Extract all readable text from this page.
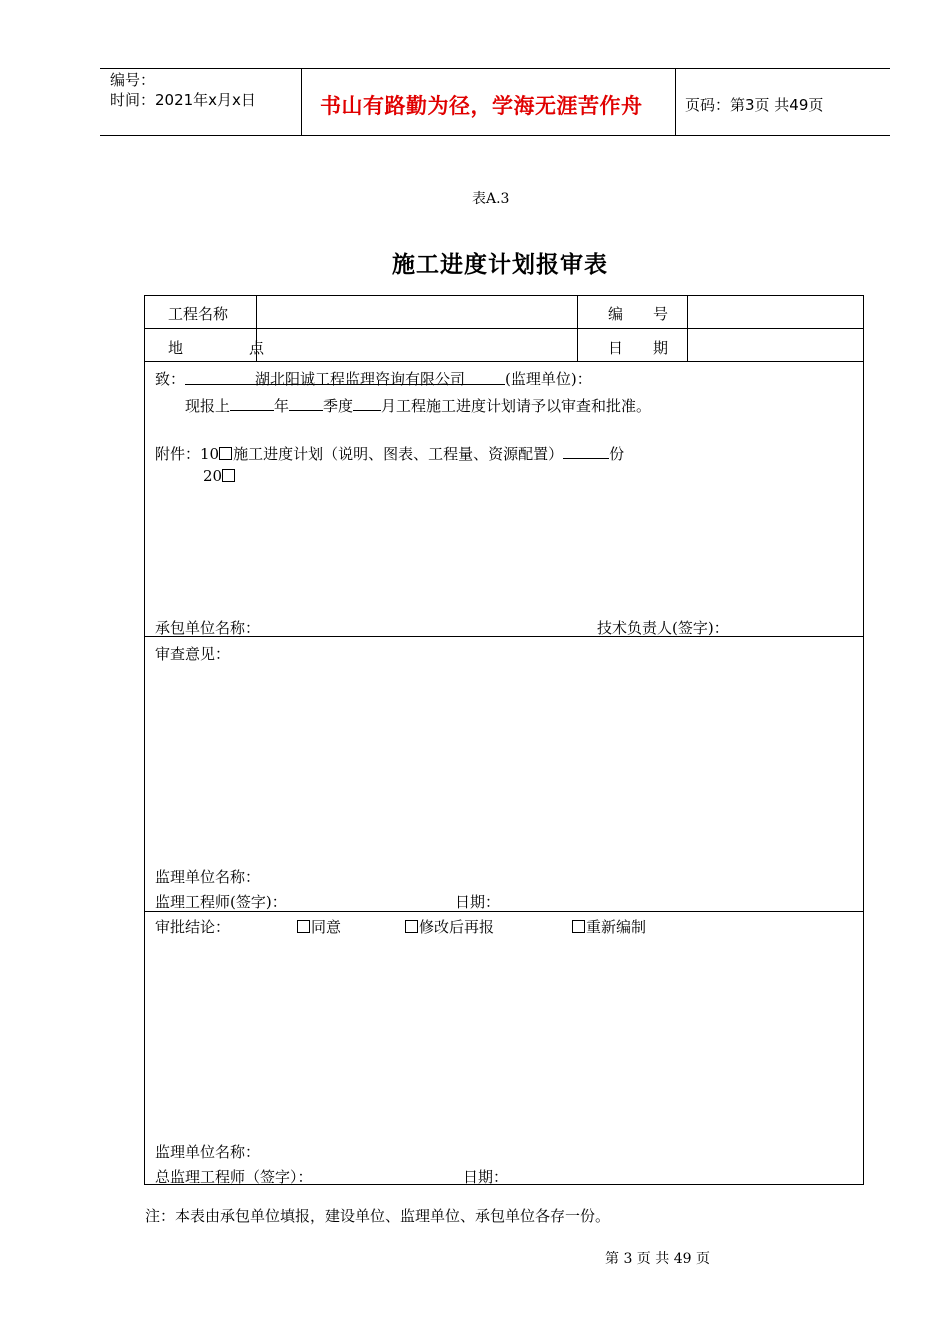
编号：
时间：2021年x月x日	书山有路勤为径，学海无涯苦作舟	页码：第3页 共49页
表A.3
施工进度计划报审表
工程名称	编　　号
地　　点	日　　期
致：	湖北阳诚工程监理咨询有限公司	(监理单位)：
现报上	年 季度 月工程施工进度计划请予以审查和批准。
附件：10 施工进度计划（说明、图表、工程量、资源配置）	份
20
承包单位名称：	技术负责人(签字)：
审查意见：
监理单位名称：
监理工程师(签字)：	日期：
审批结论：	同意	修改后再报	重新编制
监理单位名称：
总监理工程师（签字）：	日期：
注：本表由承包单位填报，建设单位、监理单位、承包单位各存一份。
第 3 页 共 49 页
